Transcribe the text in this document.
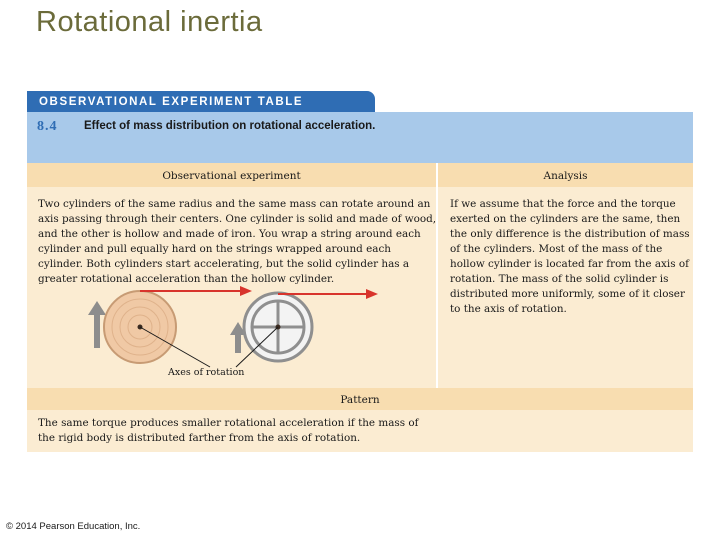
Rotational inertia
OBSERVATIONAL EXPERIMENT TABLE
8.4 Effect of mass distribution on rotational acceleration.
Observational experiment	Analysis

Two cylinders of the same radius and the same mass can rotate around an axis passing through their centers. One cylinder is solid and made of wood, and the other is hollow and made of iron. You wrap a string around each cylinder and pull equally hard on the strings wrapped around each cylinder. Both cylinders start accelerating, but the solid cylinder has a greater rotational acceleration than the hollow cylinder.

If we assume that the force and the torque exerted on the cylinders are the same, then the only difference is the distribution of mass of the cylinders. Most of the mass of the hollow cylinder is located far from the axis of rotation. The mass of the solid cylinder is distributed more uniformly, some of it closer to the axis of rotation.

Pattern

The same torque produces smaller rotational acceleration if the mass of the rigid body is distributed farther from the axis of rotation.

Axes of rotation
© 2014 Pearson Education, Inc.
